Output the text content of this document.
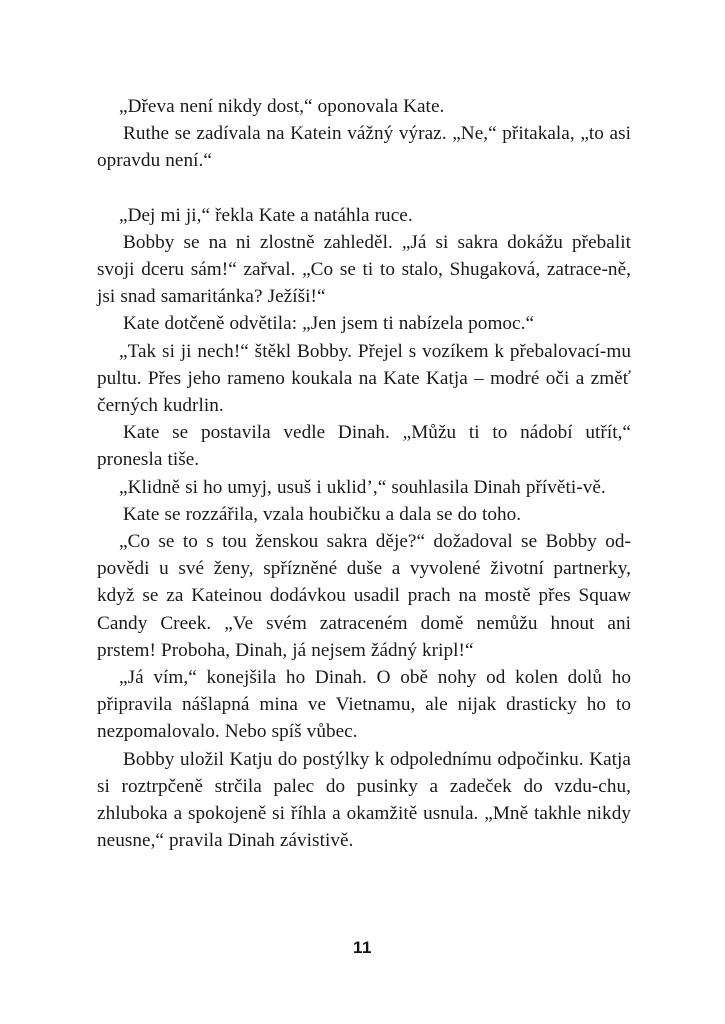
„Dřeva není nikdy dost,“ oponovala Kate.

Ruthe se zadívala na Katein vážný výraz. „Ne,“ přitakala, „to asi opravdu není.“

„Dej mi ji,“ řekla Kate a natáhla ruce.

Bobby se na ni zlostně zahleděl. „Já si sakra dokážu přebalit svoji dceru sám!“ zařval. „Co se ti to stalo, Shugaková, zatrace-ně, jsi snad samaritánka? Ježíši!“

Kate dotčeně odvětila: „Jen jsem ti nabízela pomoc.“

„Tak si ji nech!“ štěkl Bobby. Přejel s vozíkem k přebalovací-mu pultu. Přes jeho rameno koukala na Kate Katja – modré oči a změť černých kudrlin.

Kate se postavila vedle Dinah. „Můžu ti to nádobí utřít,“ pronesla tiše.

„Klidně si ho umyj, usuš i uklid’,“ souhlasila Dinah přívěti-vě.

Kate se rozzářila, vzala houbičku a dala se do toho.

„Co se to s tou ženskou sakra děje?“ dožadoval se Bobby od-povědi u své ženy, spřízněné duše a vyvolené životní partnerky, když se za Kateinou dodávkou usadil prach na mostě přes Squaw Candy Creek. „Ve svém zatraceném domě nemůžu hnout ani prstem! Proboha, Dinah, já nejsem žádný kripl!“

„Já vím,“ konejšila ho Dinah. O obě nohy od kolen dolů ho připravila nášlapná mina ve Vietnamu, ale nijak drasticky ho to nezpomalovalo. Nebo spíš vůbec.

Bobby uložil Katju do postýlky k odpolednímu odpočinku. Katja si roztrpčeně strčila palec do pusinky a zadeček do vzdu-chu, zhluboka a spokojeně si říhla a okamžitě usnula. „Mně takhle nikdy neusne,“ pravila Dinah závistivě.

11
